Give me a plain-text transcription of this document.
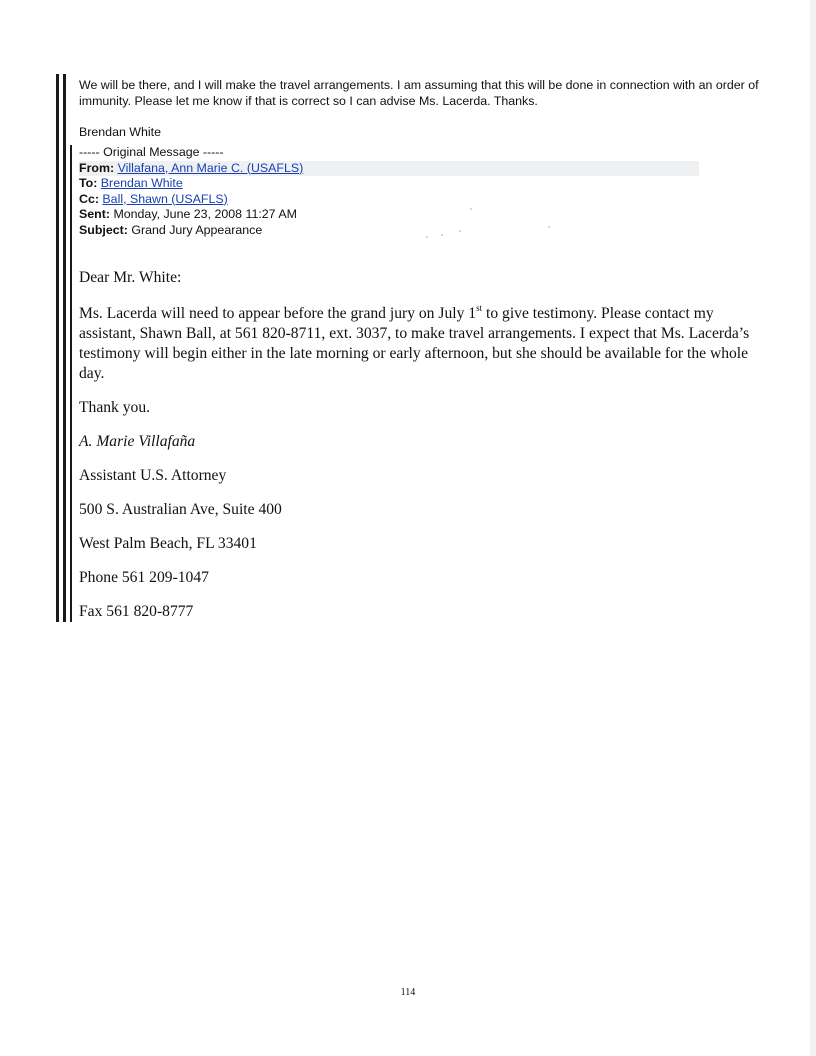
We will be there, and I will make the travel arrangements. I am assuming that this will be done in connection with an order of immunity. Please let me know if that is correct so I can advise Ms. Lacerda. Thanks.

Brendan White
----- Original Message -----
From: Villafana, Ann Marie C. (USAFLS)
To: Brendan White
Cc: Ball, Shawn (USAFLS)
Sent: Monday, June 23, 2008 11:27 AM
Subject: Grand Jury Appearance

Dear Mr. White:

Ms. Lacerda will need to appear before the grand jury on July 1st to give testimony. Please contact my assistant, Shawn Ball, at 561 820-8711, ext. 3037, to make travel arrangements. I expect that Ms. Lacerda’s testimony will begin either in the late morning or early afternoon, but she should be available for the whole day.

Thank you.

A. Marie Villafaña

Assistant U.S. Attorney

500 S. Australian Ave, Suite 400

West Palm Beach, FL 33401

Phone 561 209-1047

Fax 561 820-8777

114
